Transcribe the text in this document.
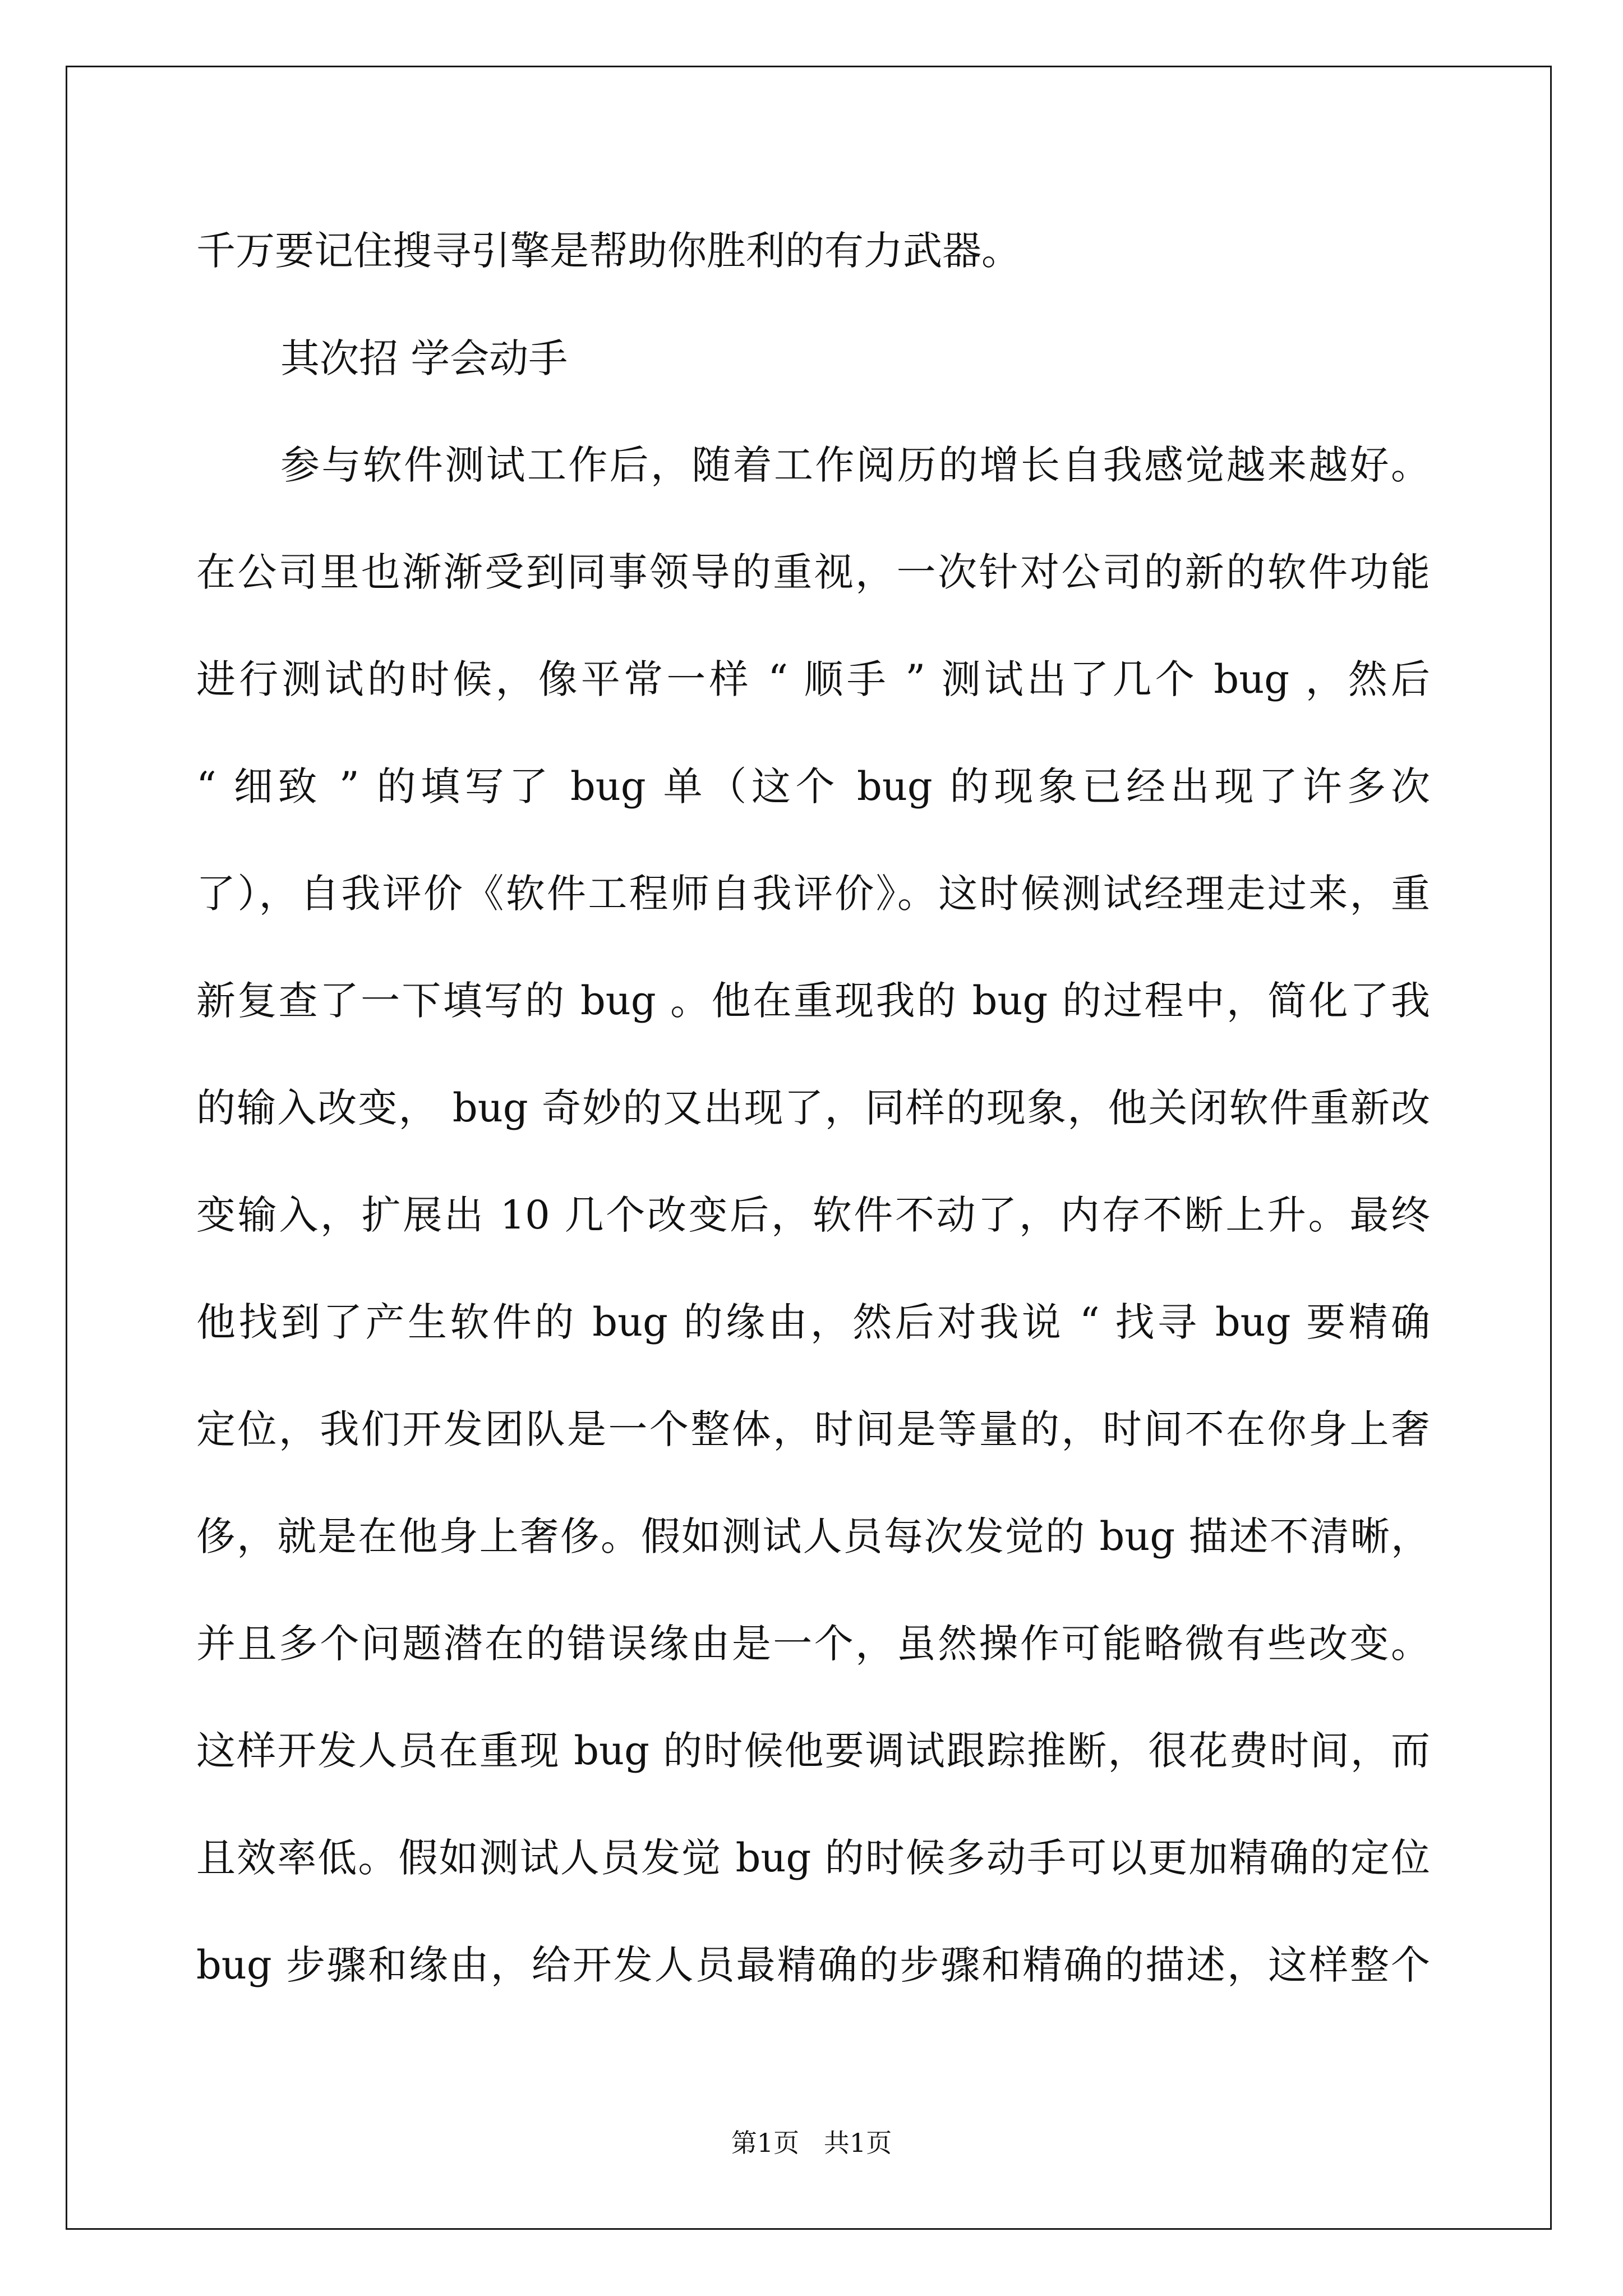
千万要记住搜寻引擎是帮助你胜利的有力武器。
其次招 学会动手
参与软件测试工作后，随着工作阅历的增长自我感觉越来越好。
在公司里也渐渐受到同事领导的重视，一次针对公司的新的软件功能
进行测试的时候，像平常一样 “ 顺手 ” 测试出了几个 bug ，然后
“ 细致 ” 的填写了 bug 单（这个 bug 的现象已经出现了许多次
了），自我评价《软件工程师自我评价》。这时候测试经理走过来，重
新复查了一下填写的 bug 。他在重现我的 bug 的过程中，简化了我
的输入改变， bug 奇妙的又出现了，同样的现象，他关闭软件重新改
变输入，扩展出 10 几个改变后，软件不动了，内存不断上升。最终
他找到了产生软件的 bug 的缘由，然后对我说 “ 找寻 bug 要精确
定位，我们开发团队是一个整体，时间是等量的，时间不在你身上奢
侈，就是在他身上奢侈。假如测试人员每次发觉的 bug 描述不清晰，
并且多个问题潜在的错误缘由是一个，虽然操作可能略微有些改变。
这样开发人员在重现 bug 的时候他要调试跟踪推断，很花费时间，而
且效率低。假如测试人员发觉 bug 的时候多动手可以更加精确的定位
bug 步骤和缘由，给开发人员最精确的步骤和精确的描述，这样整个
第1页   共1页
